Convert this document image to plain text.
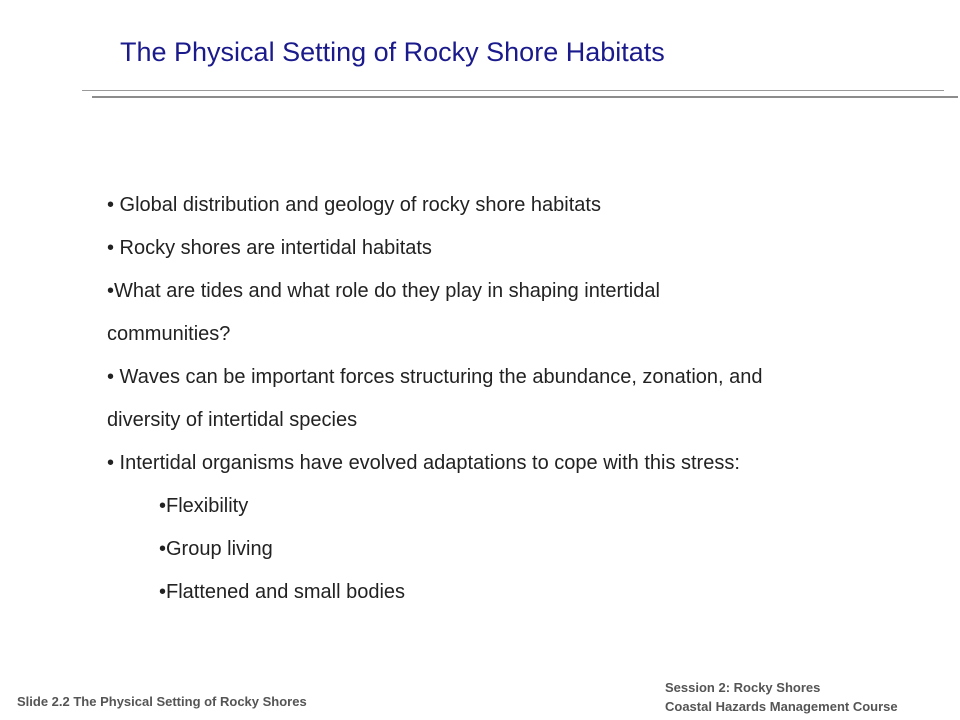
The Physical Setting of Rocky Shore Habitats
• Global distribution and geology of rocky shore habitats
• Rocky shores are intertidal habitats
•What are tides and what role do they play in shaping intertidal
communities?
• Waves can be important forces structuring the abundance, zonation, and
diversity of intertidal species
• Intertidal organisms have evolved adaptations to cope with this stress:
•Flexibility
•Group living
•Flattened and small bodies
Slide 2.2 The Physical Setting of Rocky Shores
Session 2: Rocky Shores
Coastal Hazards Management Course
